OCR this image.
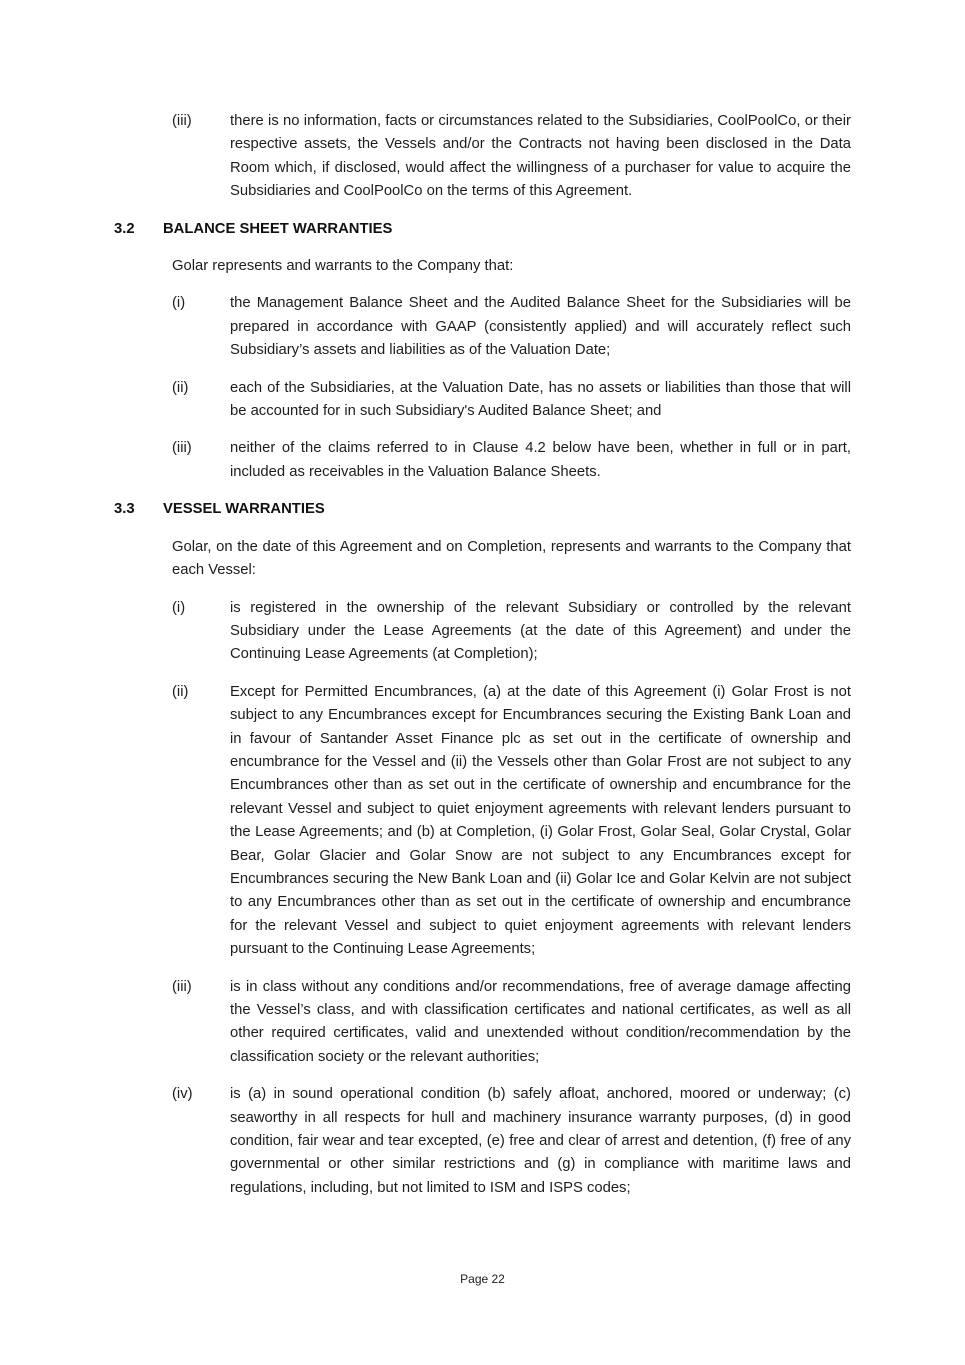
(iii)	there is no information, facts or circumstances related to the Subsidiaries, CoolPoolCo, or their respective assets, the Vessels and/or the Contracts not having been disclosed in the Data Room which, if disclosed, would affect the willingness of a purchaser for value to acquire the Subsidiaries and CoolPoolCo on the terms of this Agreement.

3.2	BALANCE SHEET WARRANTIES
Golar represents and warrants to the Company that:
(i)	the Management Balance Sheet and the Audited Balance Sheet for the Subsidiaries will be prepared in accordance with GAAP (consistently applied) and will accurately reflect such Subsidiary’s assets and liabilities as of the Valuation Date;

(ii)	each of the Subsidiaries, at the Valuation Date, has no assets or liabilities than those that will be accounted for in such Subsidiary's Audited Balance Sheet; and

(iii)	neither of the claims referred to in Clause 4.2 below have been, whether in full or in part, included as receivables in the Valuation Balance Sheets.

3.3	VESSEL WARRANTIES
Golar, on the date of this Agreement and on Completion, represents and warrants to the Company that each Vessel:
(i)	is registered in the ownership of the relevant Subsidiary or controlled by the relevant Subsidiary under the Lease Agreements (at the date of this Agreement) and under the Continuing Lease Agreements (at Completion);

(ii)	Except for Permitted Encumbrances, (a) at the date of this Agreement (i) Golar Frost is not subject to any Encumbrances except for Encumbrances securing the Existing Bank Loan and in favour of Santander Asset Finance plc as set out in the certificate of ownership and encumbrance for the Vessel and (ii) the Vessels other than Golar Frost are not subject to any Encumbrances other than as set out in the certificate of ownership and encumbrance for the relevant Vessel and subject to quiet enjoyment agreements with relevant lenders pursuant to the Lease Agreements; and (b) at Completion, (i) Golar Frost, Golar Seal, Golar Crystal, Golar Bear, Golar Glacier and Golar Snow are not subject to any Encumbrances except for Encumbrances securing the New Bank Loan and (ii) Golar Ice and Golar Kelvin are not subject to any Encumbrances other than as set out in the certificate of ownership and encumbrance for the relevant Vessel and subject to quiet enjoyment agreements with relevant lenders pursuant to the Continuing Lease Agreements;

(iii)	is in class without any conditions and/or recommendations, free of average damage affecting the Vessel’s class, and with classification certificates and national certificates, as well as all other required certificates, valid and unextended without condition/recommendation by the classification society or the relevant authorities;

(iv)	is (a) in sound operational condition (b) safely afloat, anchored, moored or underway; (c) seaworthy in all respects for hull and machinery insurance warranty purposes, (d) in good condition, fair wear and tear excepted, (e) free and clear of arrest and detention, (f) free of any governmental or other similar restrictions and (g) in compliance with maritime laws and regulations, including, but not limited to ISM and ISPS codes;

Page 22
